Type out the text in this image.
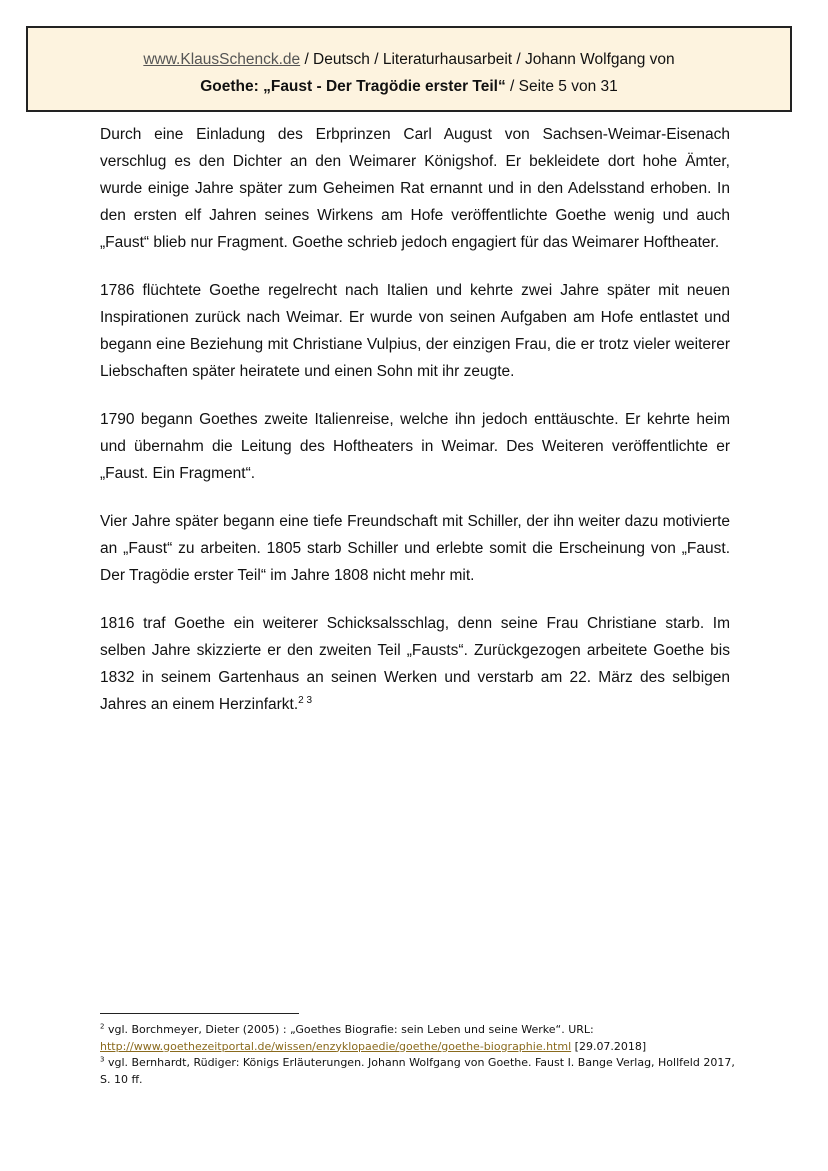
www.KlausSchenck.de / Deutsch / Literaturhausarbeit / Johann Wolfgang von
Goethe: „Faust - Der Tragödie erster Teil“ / Seite 5 von 31

Durch eine Einladung des Erbprinzen Carl August von Sachsen-Weimar-Eisenach verschlug es den Dichter an den Weimarer Königshof. Er bekleidete dort hohe Ämter, wurde einige Jahre später zum Geheimen Rat ernannt und in den Adelsstand erhoben. In den ersten elf Jahren seines Wirkens am Hofe veröffentlichte Goethe wenig und auch „Faust“ blieb nur Fragment. Goethe schrieb jedoch engagiert für das Weimarer Hoftheater.

1786 flüchtete Goethe regelrecht nach Italien und kehrte zwei Jahre später mit neuen Inspirationen zurück nach Weimar. Er wurde von seinen Aufgaben am Hofe entlastet und begann eine Beziehung mit Christiane Vulpius, der einzigen Frau, die er trotz vieler weiterer Liebschaften später heiratete und einen Sohn mit ihr zeugte.

1790 begann Goethes zweite Italienreise, welche ihn jedoch enttäuschte. Er kehrte heim und übernahm die Leitung des Hoftheaters in Weimar. Des Weiteren veröffentlichte er „Faust. Ein Fragment“.

Vier Jahre später begann eine tiefe Freundschaft mit Schiller, der ihn weiter dazu motivierte an „Faust“ zu arbeiten. 1805 starb Schiller und erlebte somit die Erscheinung von „Faust. Der Tragödie erster Teil“ im Jahre 1808 nicht mehr mit.

1816 traf Goethe ein weiterer Schicksalsschlag, denn seine Frau Christiane starb. Im selben Jahre skizzierte er den zweiten Teil „Fausts“. Zurückgezogen arbeitete Goethe bis 1832 in seinem Gartenhaus an seinen Werken und verstarb am 22. März des selbigen Jahres an einem Herzinfarkt.$^{2 3}$

$^2$ vgl. Borchmeyer, Dieter (2005) : „Goethes Biografie: sein Leben und seine Werke“. URL:
http://www.goethezeitportal.de/wissen/enzyklopaedie/goethe/goethe-biographie.html [29.07.2018]

$^3$ vgl. Bernhardt, Rüdiger: Königs Erläuterungen. Johann Wolfgang von Goethe. Faust I. Bange Verlag, Hollfeld 2017, S. 10 ff.
